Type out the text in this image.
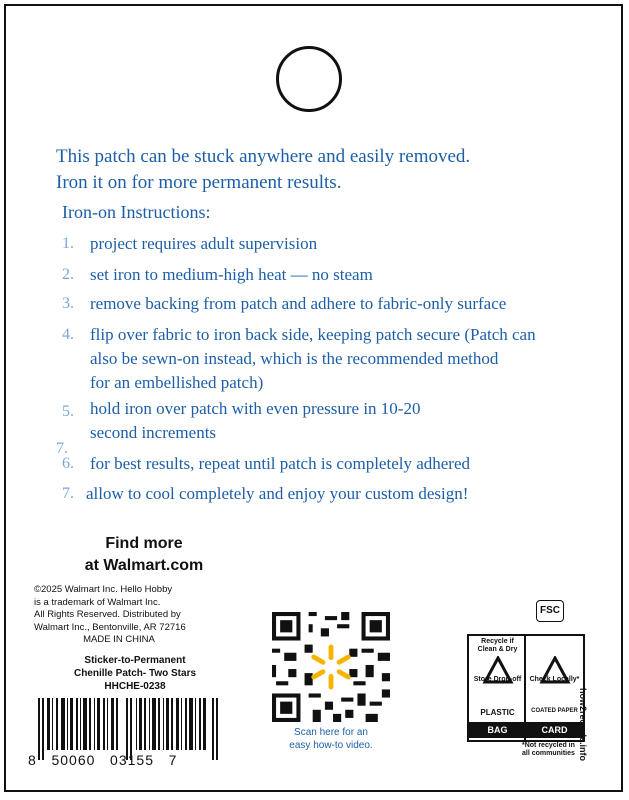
This patch can be stuck anywhere and easily removed.

Iron it on for more permanent results.

Iron-on Instructions:
1. project requires adult supervision
2. set iron to medium-high heat — no steam
3. remove backing from patch and adhere to fabric-only surface
4. flip over fabric to iron back side, keeping patch secure (Patch can
also be sewn-on instead, which is the recommended method
for an embellished patch)
5. hold iron over patch with even pressure in 10-20
second increments
7.
6. for best results, repeat until patch is completely adhered
7. allow to cool completely and enjoy your custom design!
Find more
at Walmart.com
©2025 Walmart Inc. Hello Hobby
is a trademark of Walmart Inc.
All Rights Reserved. Distributed by
Walmart Inc., Bentonville, AR 72716
MADE IN CHINA
Sticker-to-Permanent
Chenille Patch- Two Stars
HHCHE-0238
8   50060   03155   7
Scan here for an
easy how-to video.
FSC
Recycle if Clean & Dry
Store Drop-off
PLASTIC
BAG
Check Locally*
COATED PAPER
CARD	how2recycle.info
*Not recycled in
all communities
